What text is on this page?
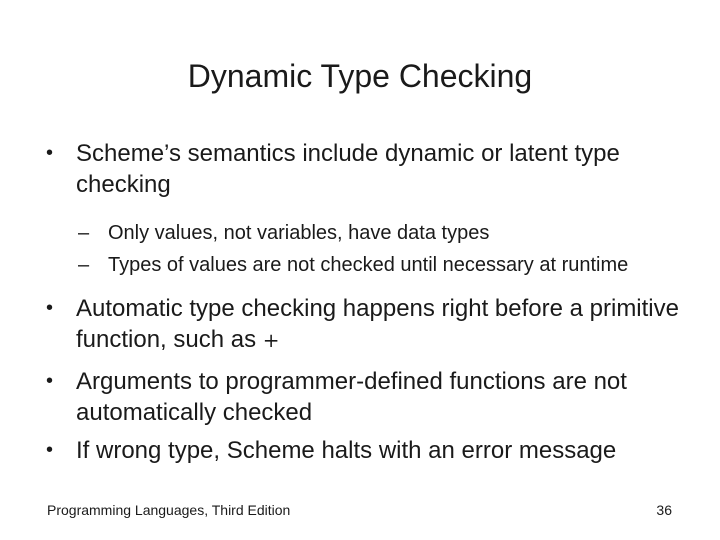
Dynamic Type Checking
• Scheme’s semantics include dynamic or latent type checking
– Only values, not variables, have data types
– Types of values are not checked until necessary at runtime
• Automatic type checking happens right before a primitive function, such as +
• Arguments to programmer-defined functions are not automatically checked
• If wrong type, Scheme halts with an error message
Programming Languages, Third Edition	36
